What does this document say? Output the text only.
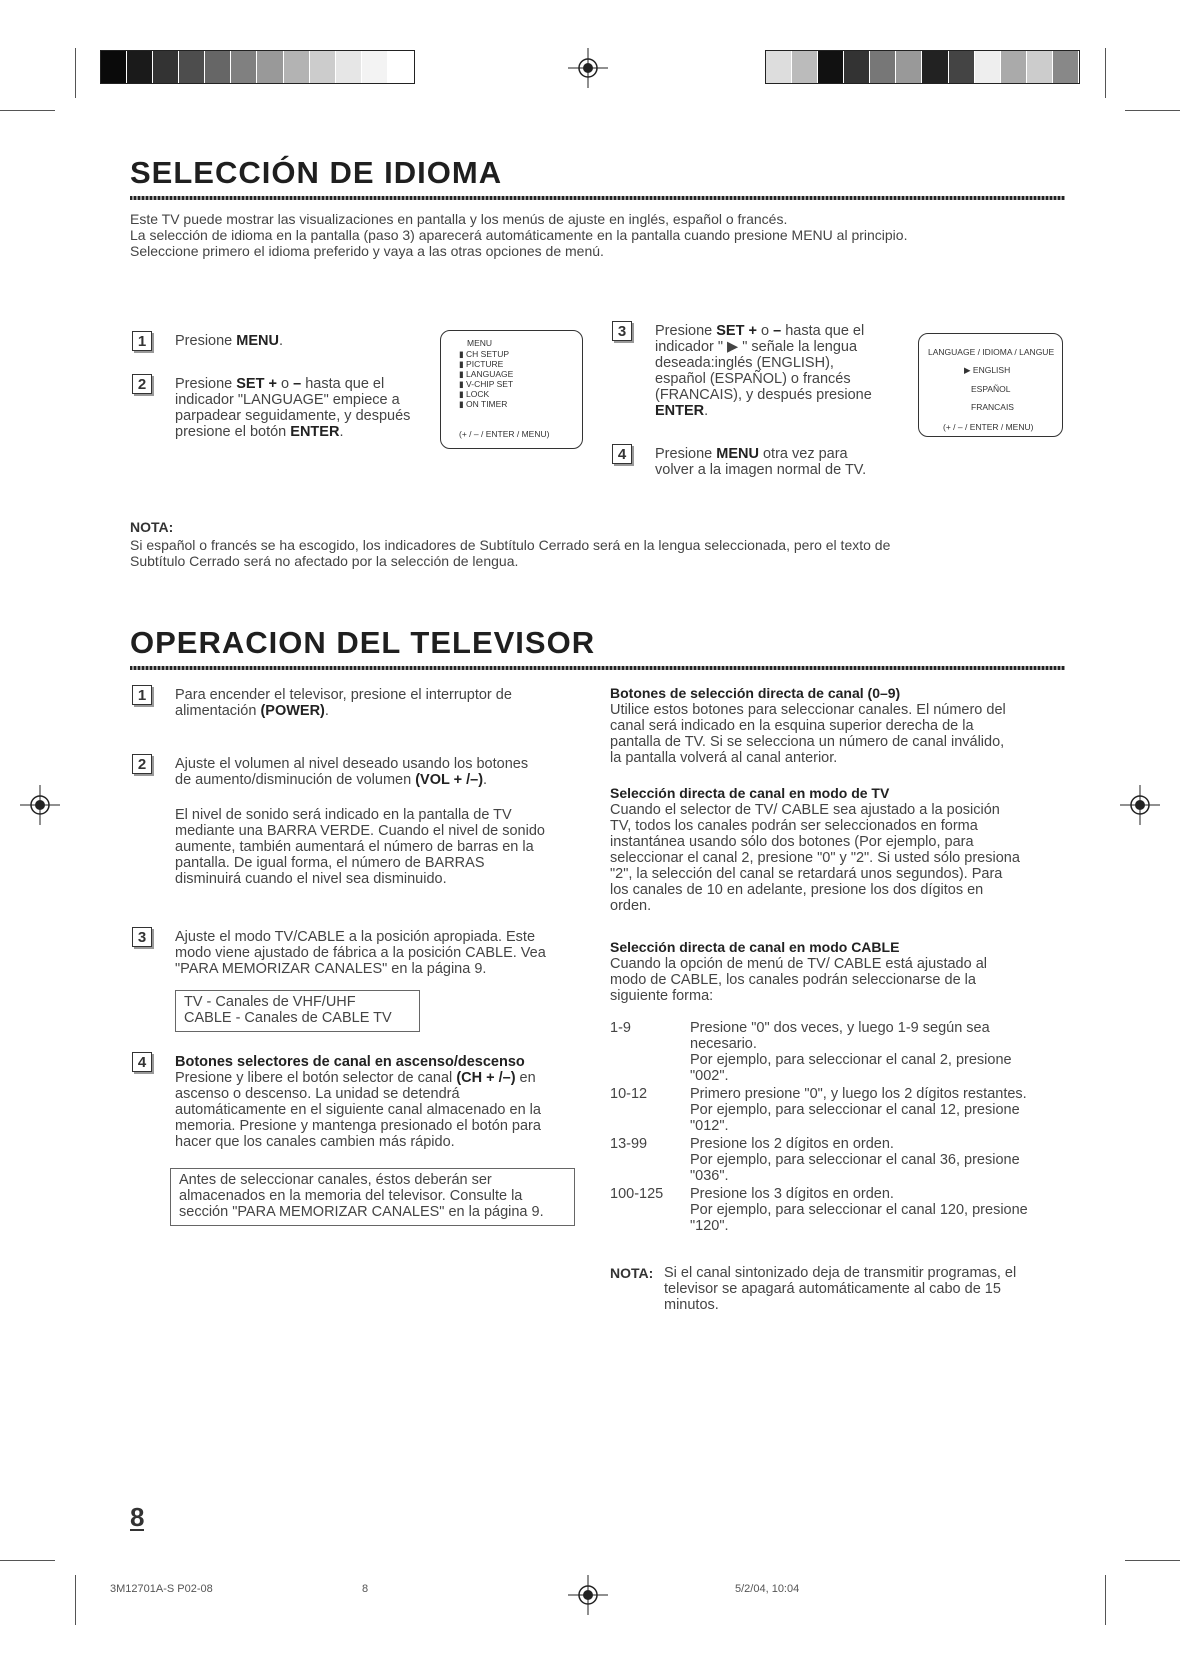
SELECCIÓN DE IDIOMA
Este TV puede mostrar las visualizaciones en pantalla y los menús de ajuste en inglés, español o francés.
La selección de idioma en la pantalla (paso 3) aparecerá automáticamente en la pantalla cuando presione MENU al principio.
Seleccione primero el idioma preferido y vaya a las otras opciones de menú.
1	Presione MENU.
2	Presione SET + o – hasta que el
indicador "LANGUAGE" empiece a
parpadear seguidamente, y después
presione el botón ENTER.
MENU
▮ CH SETUP
▮ PICTURE
▮ LANGUAGE
▮ V-CHIP SET
▮ LOCK
▮ ON TIMER
(+ / – / ENTER / MENU)
3	Presione SET + o – hasta que el
indicador " ▶ " señale la lengua
deseada:inglés (ENGLISH),
español (ESPAÑOL) o francés
(FRANCAIS), y después presione
ENTER.
4	Presione MENU otra vez para
volver a la imagen normal de TV.
LANGUAGE / IDIOMA / LANGUE
▶ ENGLISH
ESPAÑOL
FRANCAIS
(+ / – / ENTER / MENU)
NOTA:
Si español o francés se ha escogido, los indicadores de Subtítulo Cerrado será en la lengua seleccionada, pero el texto de
Subtítulo Cerrado será no afectado por la selección de lengua.
OPERACION DEL TELEVISOR
1	Para encender el televisor, presione el interruptor de
alimentación (POWER).
2	Ajuste el volumen al nivel deseado usando los botones
de aumento/disminución de volumen (VOL + /–).
El nivel de sonido será indicado en la pantalla de TV
mediante una BARRA VERDE. Cuando el nivel de sonido
aumente, también aumentará el número de barras en la
pantalla. De igual forma, el número de BARRAS
disminuirá cuando el nivel sea disminuido.
3	Ajuste el modo TV/CABLE a la posición apropiada. Este
modo viene ajustado de fábrica a la posición CABLE. Vea
"PARA MEMORIZAR CANALES" en la página 9.
TV - Canales de VHF/UHF
CABLE - Canales de CABLE TV
4	Botones selectores de canal en ascenso/descenso
Presione y libere el botón selector de canal (CH + /–) en
ascenso o descenso. La unidad se detendrá
automáticamente en el siguiente canal almacenado en la
memoria. Presione y mantenga presionado el botón para
hacer que los canales cambien más rápido.
Antes de seleccionar canales, éstos deberán ser
almacenados en la memoria del televisor. Consulte la
sección "PARA MEMORIZAR CANALES" en la página 9.
Botones de selección directa de canal (0–9)
Utilice estos botones para seleccionar canales. El número del
canal será indicado en la esquina superior derecha de la
pantalla de TV. Si se selecciona un número de canal inválido,
la pantalla volverá al canal anterior.
Selección directa de canal en modo de TV
Cuando el selector de TV/ CABLE sea ajustado a la posición
TV, todos los canales podrán ser seleccionados en forma
instantánea usando sólo dos botones (Por ejemplo, para
seleccionar el canal 2, presione "0" y "2". Si usted sólo presiona
"2", la selección del canal se retardará unos segundos). Para
los canales de 10 en adelante, presione los dos dígitos en
orden.
Selección directa de canal en modo CABLE
Cuando la opción de menú de TV/ CABLE está ajustado al
modo de CABLE, los canales podrán seleccionarse de la
siguiente forma:
1-9	Presione "0" dos veces, y luego 1-9 según sea
necesario.
Por ejemplo, para seleccionar el canal 2, presione
"002".
10-12	Primero presione "0", y luego los 2 dígitos restantes.
Por ejemplo, para seleccionar el canal 12, presione
"012".
13-99	Presione los 2 dígitos en orden.
Por ejemplo, para seleccionar el canal 36, presione
"036".
100-125 Presione los 3 dígitos en orden.
Por ejemplo, para seleccionar el canal 120, presione
"120".
NOTA: Si el canal sintonizado deja de transmitir programas, el
televisor se apagará automáticamente al cabo de 15
minutos.
8
3M12701A-S P02-08	8	5/2/04, 10:04
